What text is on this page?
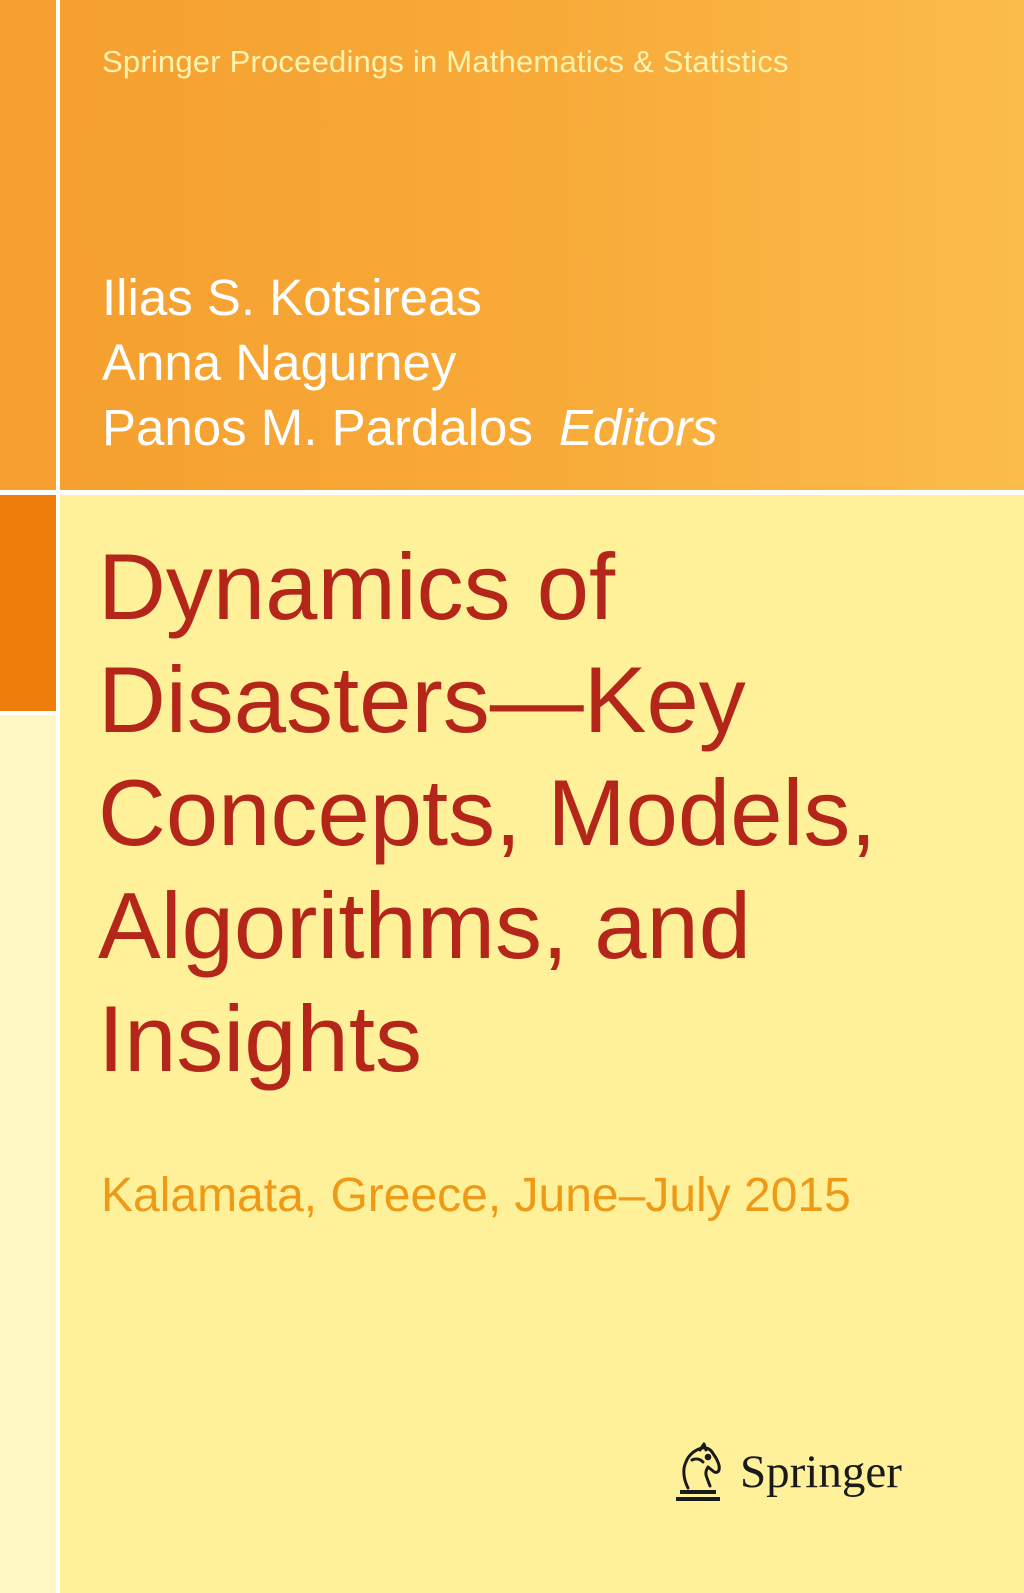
Springer Proceedings in Mathematics & Statistics
Ilias S. Kotsireas
Anna Nagurney
Panos M. Pardalos Editors
Dynamics of
Disasters—Key
Concepts, Models,
Algorithms, and
Insights
Kalamata, Greece, June–July 2015
Springer
